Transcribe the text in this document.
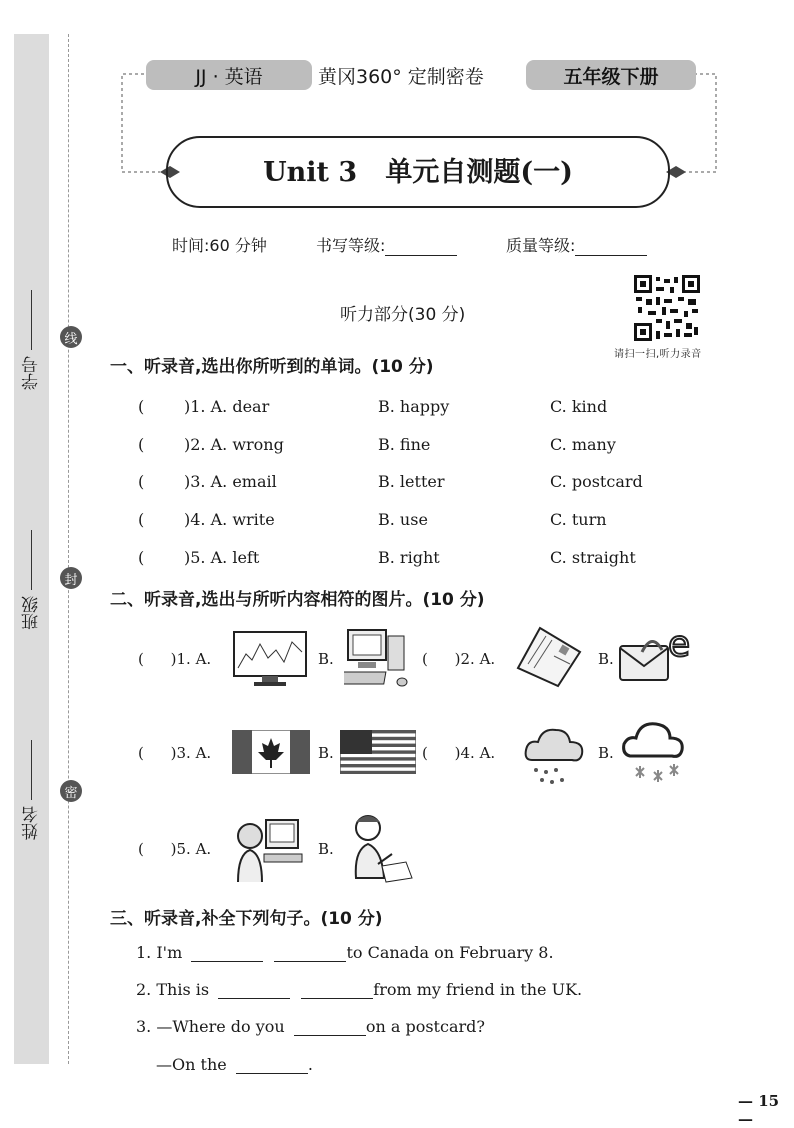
学号
班级
姓名
线
封
密
JJ · 英语	黄冈360° 定制密卷	五年级下册
Unit 3   单元自测题(一)
时间:60 分钟	书写等级:	质量等级:
听力部分(30 分)
请扫一扫,听力录音
一、听录音,选出你所听到的单词。(10 分)
( )1. A. dear	B. happy	C. kind
( )2. A. wrong	B. fine	C. many
( )3. A. email	B. letter	C. postcard
( )4. A. write	B. use	C. turn
( )5. A. left	B. right	C. straight
二、听录音,选出与所听内容相符的图片。(10 分)
( )1. A.	B.	( )2. A.	B. e
( )3. A.	B.	( )4. A.	B.
( )5. A.	B.
三、听录音,补全下列句子。(10 分)
1. I'm	to Canada on February 8.
2. This is	from my friend in the UK.
3. —Where do you	on a postcard?
—On the	.
— 15 —
